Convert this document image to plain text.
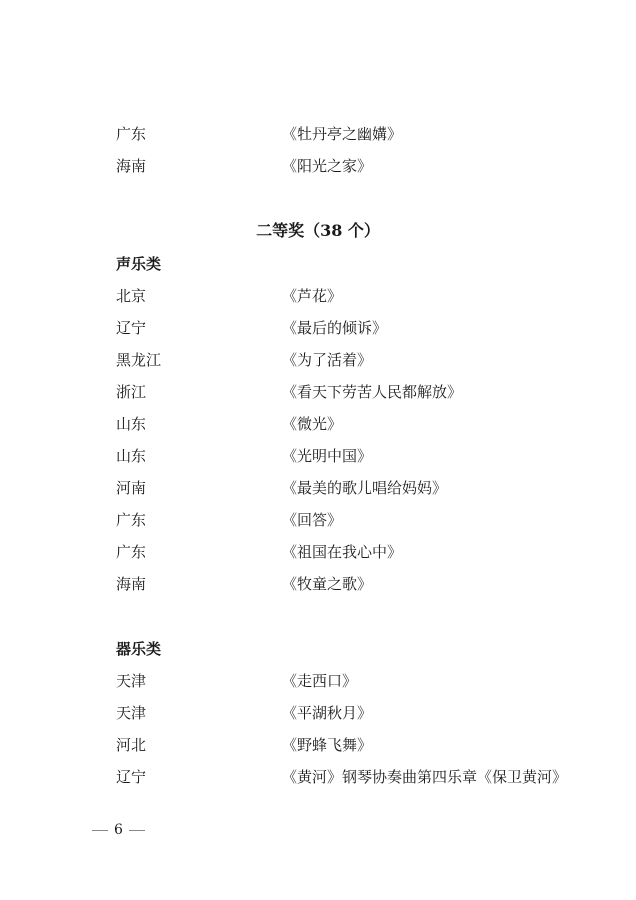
广东	《牡丹亭之幽媾》
海南	《阳光之家》
二等奖（38 个）
声乐类
北京	《芦花》
辽宁	《最后的倾诉》
黑龙江	《为了活着》
浙江	《看天下劳苦人民都解放》
山东	《微光》
山东	《光明中国》
河南	《最美的歌儿唱给妈妈》
广东	《回答》
广东	《祖国在我心中》
海南	《牧童之歌》
器乐类
天津	《走西口》
天津	《平湖秋月》
河北	《野蜂飞舞》
辽宁	《黄河》钢琴协奏曲第四乐章《保卫黄河》
6
